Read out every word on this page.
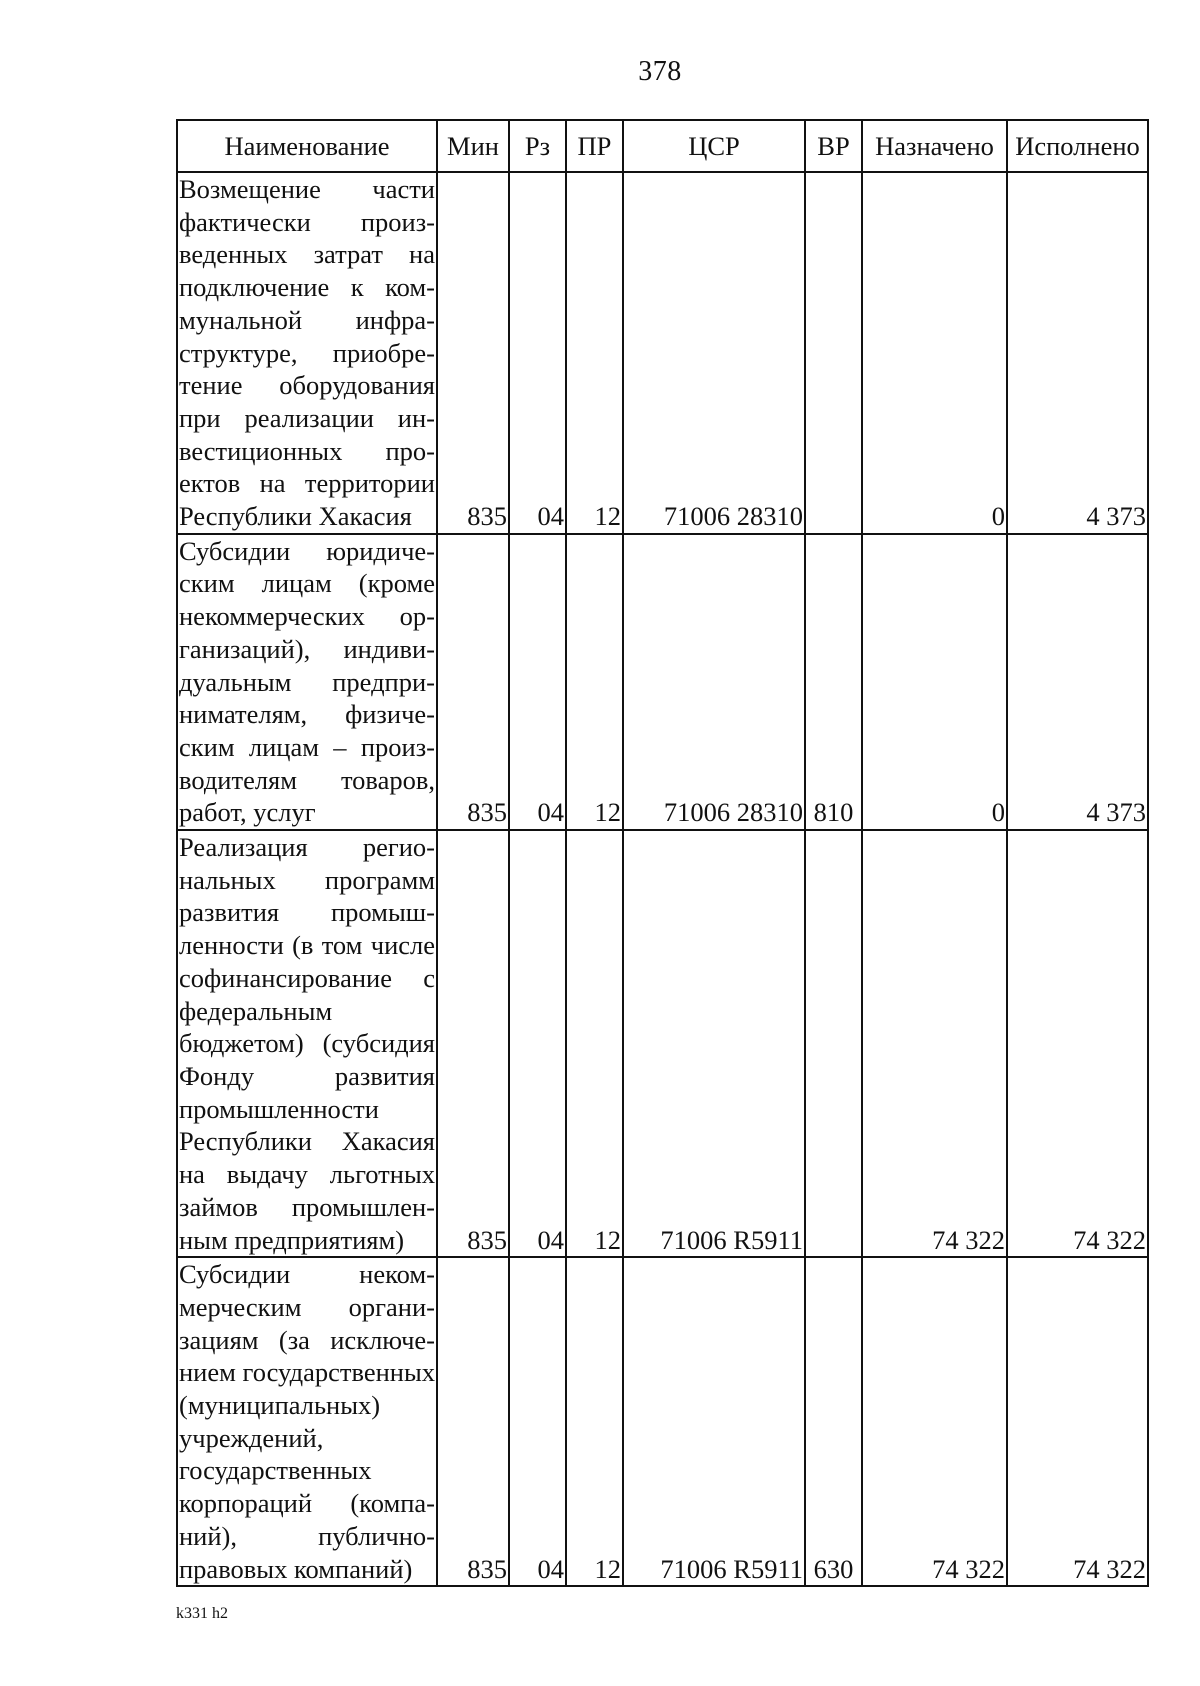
378
Наименование	Мин	Рз	ПР	ЦСР	ВР	Назначено	Исполнено

Возмещение части фактически произведенных затрат на подключение к коммунальной инфраструктуре, приобретение оборудования при реализации инвестиционных проектов на территории Республики Хакасия	835	04	12	71006 28310		0	4 373

Субсидии юридическим лицам (кроме некоммерческих организаций), индивидуальным предпринимателям, физическим лицам – производителям товаров, работ, услуг	835	04	12	71006 28310	810	0	4 373

Реализация региональных программ развития промышленности (в том числе софинансирование с федеральным бюджетом) (субсидия Фонду развития промышленности Республики Хакасия на выдачу льготных займов промышленным предприятиям)	835	04	12	71006 R5911		74 322	74 322

Субсидии некоммерческим организациям (за исключением государственных (муниципальных) учреждений, государственных корпораций (компаний), публично-правовых компаний)	835	04	12	71006 R5911	630	74 322	74 322
k331 h2
